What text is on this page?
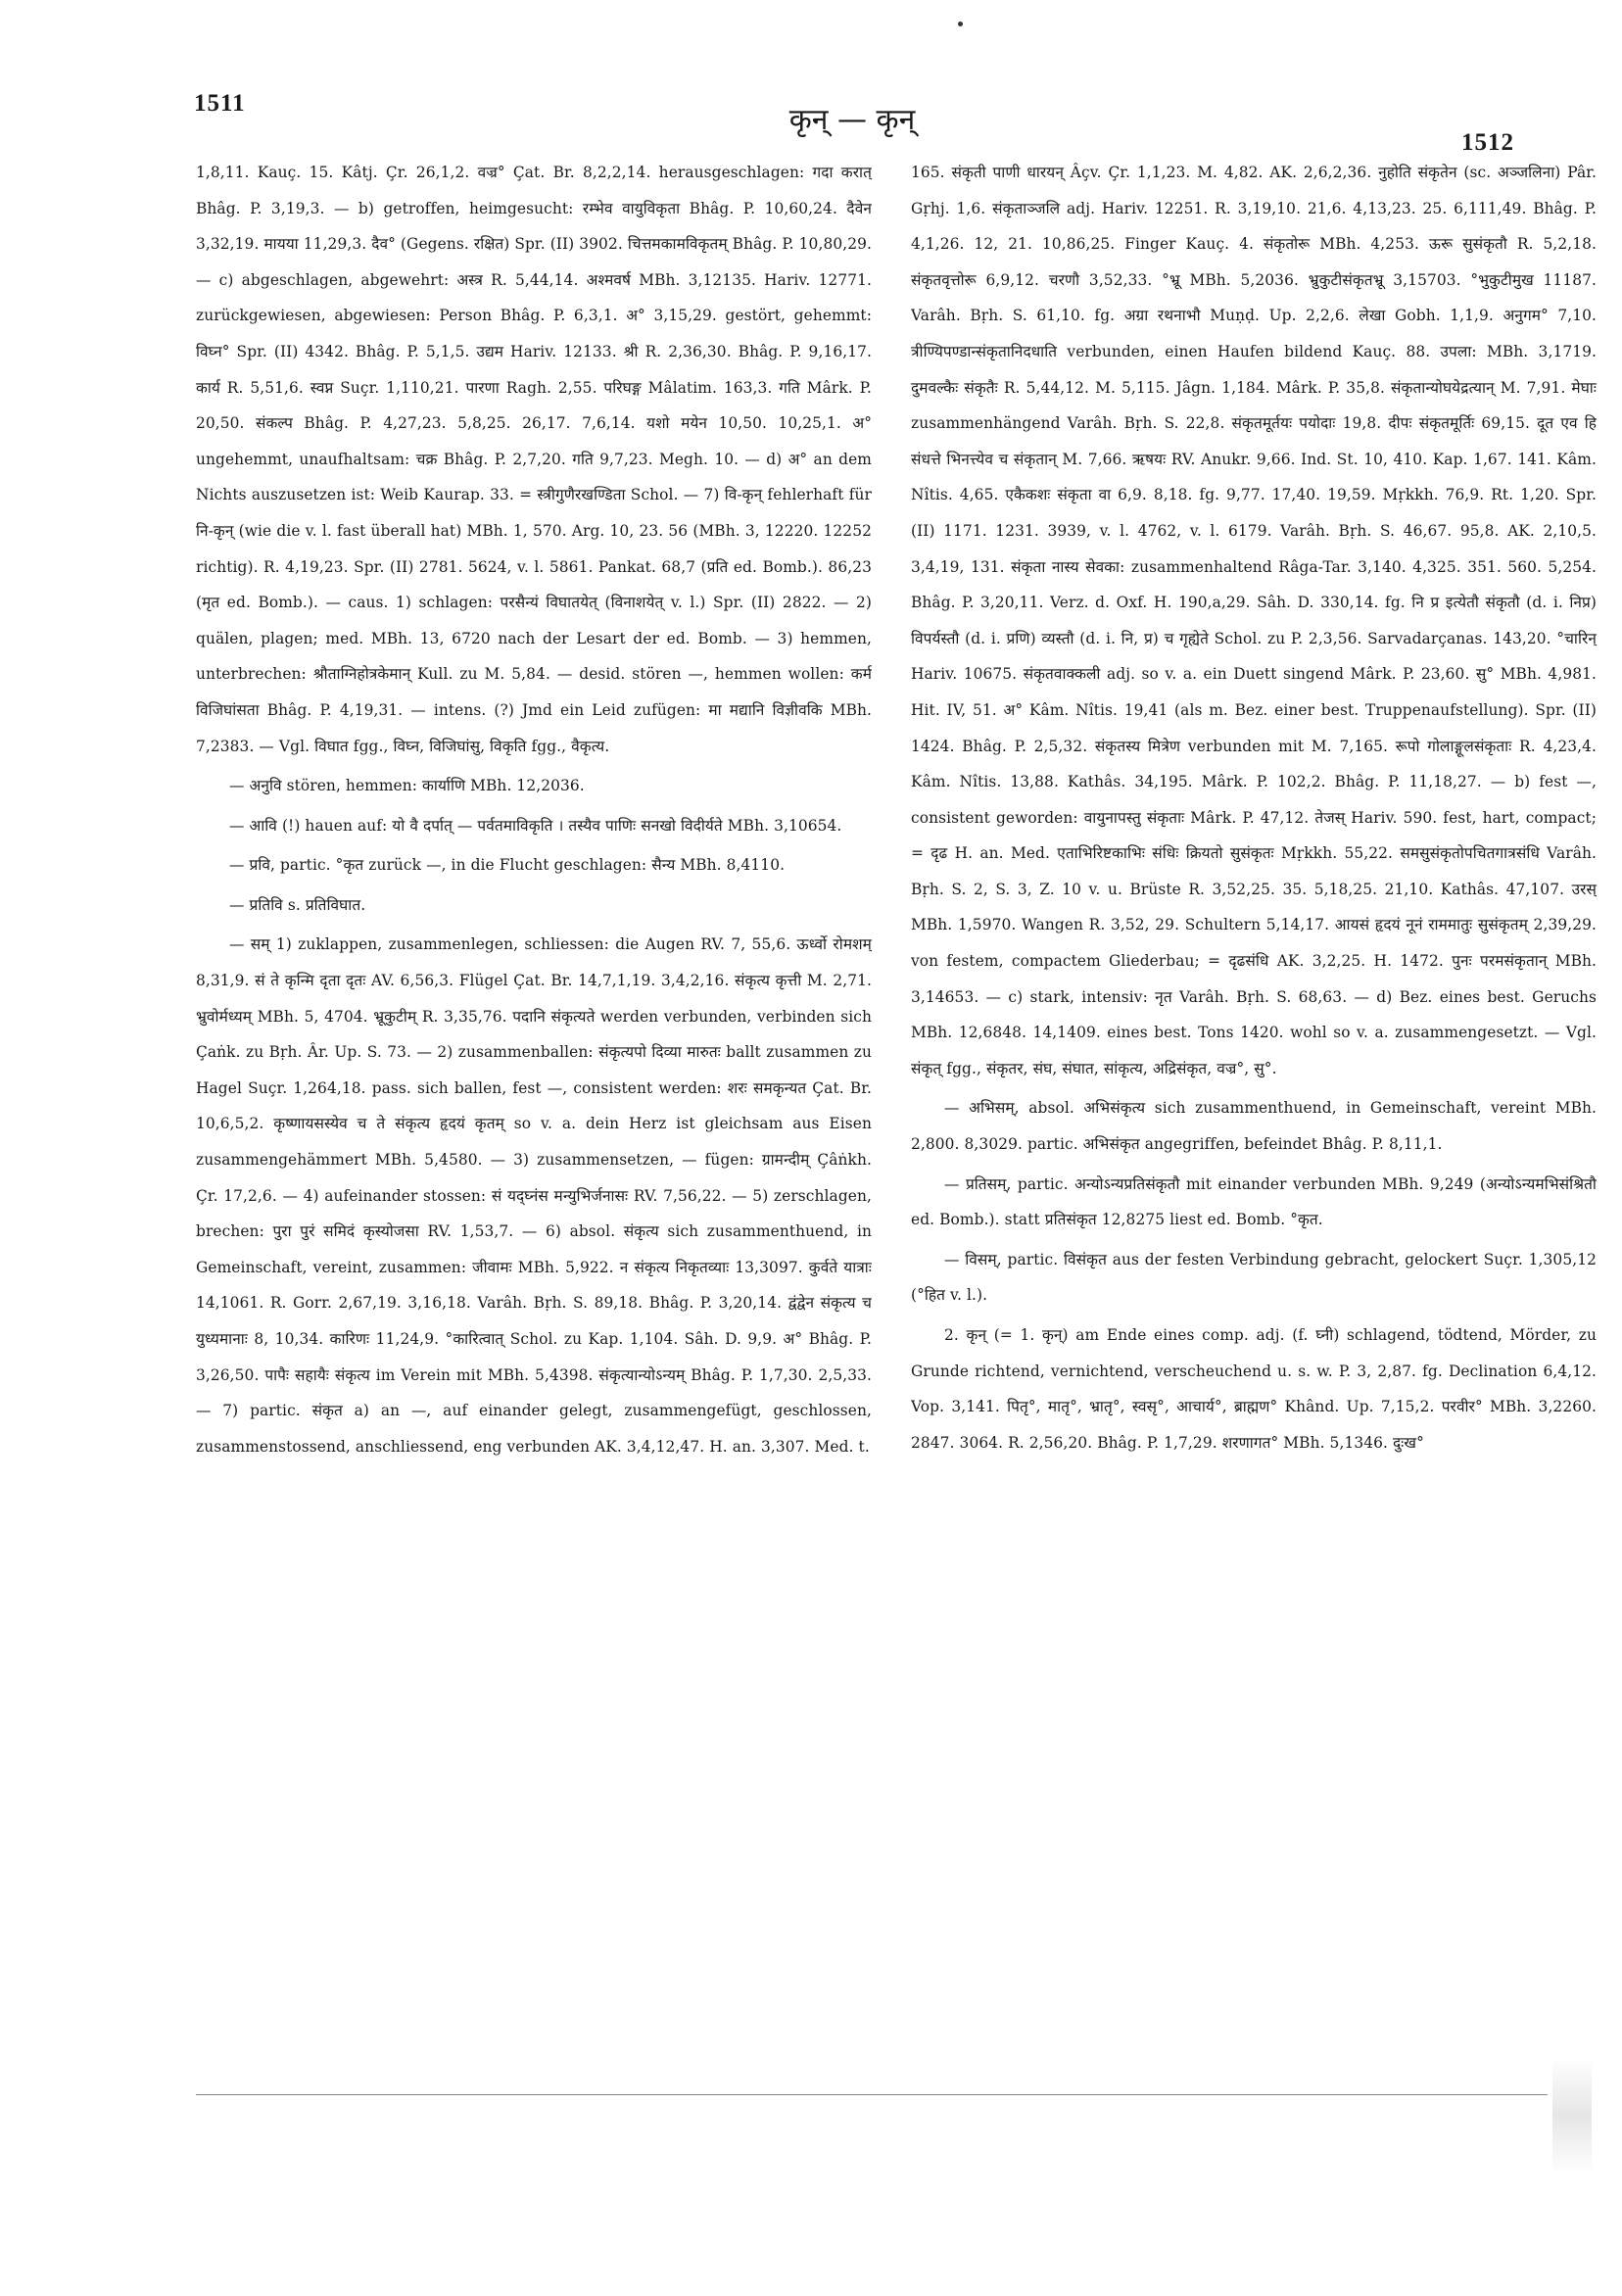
1511	कृन् — कृन्
1512

1,8,11. Kauç. 15. Kâtj. Çr. 26,1,2. वज्र° Çat. Br. 8,2,2,14. herausgeschlagen: गदा करात् Bhâg. P. 3,19,3. — b) getroffen, heimgesucht: रम्भेव वायुविकृता Bhâg. P. 10,60,24. दैवेन 3,32,19. मायया 11,29,3. दैव° (Gegens. रक्षित) Spr. (II) 3902. चित्तमकामविकृतम् Bhâg. P. 10,80,29. — c) abgeschlagen, abgewehrt: अस्त्र R. 5,44,14. अश्मवर्ष MBh. 3,12135. Hariv. 12771. zurückgewiesen, abgewiesen: Person Bhâg. P. 6,3,1. अ° 3,15,29. gestört, gehemmt: विघ्न° Spr. (II) 4342. Bhâg. P. 5,1,5. उद्यम Hariv. 12133. श्री R. 2,36,30. Bhâg. P. 9,16,17. कार्य R. 5,51,6. स्वप्न Suçr. 1,110,21. पारणा Ragh. 2,55. परिघङ्ग Mâlatim. 163,3. गति Mârk. P. 20,50. संकल्प Bhâg. P. 4,27,23. 5,8,25. 26,17. 7,6,14. यशो मयेन 10,50. 10,25,1. अ° ungehemmt, unaufhaltsam: चक्र Bhâg. P. 2,7,20. गति 9,7,23. Megh. 10. — d) अ° an dem Nichts auszusetzen ist: Weib Kaurap. 33. = स्त्रीगुणैरखण्डिता Schol. — 7) वि-कृन् fehlerhaft für नि-कृन् (wie die v. l. fast überall hat) MBh. 1, 570. Arg. 10, 23. 56 (MBh. 3, 12220. 12252 richtig). R. 4,19,23. Spr. (II) 2781. 5624, v. l. 5861. Pankat. 68,7 (प्रति ed. Bomb.). 86,23 (मृत ed. Bomb.). — caus. 1) schlagen: परसैन्यं विघातयेत् (विनाशयेत् v. l.) Spr. (II) 2822. — 2) quälen, plagen; med. MBh. 13, 6720 nach der Lesart der ed. Bomb. — 3) hemmen, unterbrechen: श्रौताग्निहोत्रकेमान् Kull. zu M. 5,84. — desid. stören —, hemmen wollen: कर्म विजिघांसता Bhâg. P. 4,19,31. — intens. (?) Jmd ein Leid zufügen: मा मद्यानि विज्ञीवकि MBh. 7,2383. — Vgl. विघात fgg., विघ्न, विजिघांसु, विकृति fgg., वैकृत्य.

— अनुवि stören, hemmen: कार्याणि MBh. 12,2036.

— आवि (!) hauen auf: यो वै दर्पात् — पर्वतमाविकृति । तस्यैव पाणिः सनखो विदीर्यते MBh. 3,10654.

— प्रवि, partic. °कृत zurück —, in die Flucht geschlagen: सैन्य MBh. 8,4110.

— प्रतिवि s. प्रतिविघात.

— सम् 1) zuklappen, zusammenlegen, schliessen: die Augen RV. 7, 55,6. ऊर्ध्वो रोमशम् 8,31,9. सं ते कृन्मि दृता दृतः AV. 6,56,3. Flügel Çat. Br. 14,7,1,19. 3,4,2,16. संकृत्य कृत्ती M. 2,71. भ्रुवोर्मध्यम् MBh. 5, 4704. भ्रूकुटीम् R. 3,35,76. पदानि संकृत्यते werden verbunden, verbinden sich Çaṅk. zu Bṛh. Âr. Up. S. 73. — 2) zusammenballen: संकृत्यपो दिव्या मारुतः ballt zusammen zu Hagel Suçr. 1,264,18. pass. sich ballen, fest —, consistent werden: शरः समकृन्यत Çat. Br. 10,6,5,2. कृष्णायसस्येव च ते संकृत्य हृदयं कृतम् so v. a. dein Herz ist gleichsam aus Eisen zusammengehämmert MBh. 5,4580. — 3) zusammensetzen, — fügen: ग्रामन्दीम् Çâṅkh. Çr. 17,2,6. — 4) aufeinander stossen: सं यद्घ्नंस मन्युभिर्जनासः RV. 7,56,22. — 5) zerschlagen, brechen: पुरा पुरं समिदं कृस्योजसा RV. 1,53,7. — 6) absol. संकृत्य sich zusammenthuend, in Gemeinschaft, vereint, zusammen: जीवामः MBh. 5,922. न संकृत्य निकृतव्याः 13,3097. कुर्वते यात्राः 14,1061. R. Gorr. 2,67,19. 3,16,18. Varâh. Bṛh. S. 89,18. Bhâg. P. 3,20,14. द्वंद्वेन संकृत्य च युध्यमानाः 8, 10,34. कारिणः 11,24,9. °कारित्वात् Schol. zu Kap. 1,104. Sâh. D. 9,9. अ° Bhâg. P. 3,26,50. पापैः सहायैः संकृत्य im Verein mit MBh. 5,4398. संकृत्यान्योऽन्यम् Bhâg. P. 1,7,30. 2,5,33. — 7) partic. संकृत a) an —, auf einander gelegt, zusammengefügt, geschlossen, zusammenstossend, anschliessend, eng verbunden AK. 3,4,12,47. H. an. 3,307. Med. t.

165. संकृती पाणी धारयन् Âçv. Çr. 1,1,23. M. 4,82. AK. 2,6,2,36. नुहोति संकृतेन (sc. अञ्जलिना) Pâr. Gṛhj. 1,6. संकृताञ्जलि adj. Hariv. 12251. R. 3,19,10. 21,6. 4,13,23. 25. 6,111,49. Bhâg. P. 4,1,26. 12, 21. 10,86,25. Finger Kauç. 4. संकृतोरू MBh. 4,253. ऊरू सुसंकृतौ R. 5,2,18. संकृतवृत्तोरू 6,9,12. चरणौ 3,52,33. °भ्रू MBh. 5,2036. भ्रुकुटीसंकृतभ्रू 3,15703. °भुकुटीमुख 11187. Varâh. Bṛh. S. 61,10. fg. अग्रा रथनाभौ Muṇḍ. Up. 2,2,6. लेखा Gobh. 1,1,9. अनुगम° 7,10. त्रीण्यिपण्डान्संकृतानिदधाति verbunden, einen Haufen bildend Kauç. 88. उपला: MBh. 3,1719. दुमवल्कैः संकृतैः R. 5,44,12. M. 5,115. Jâgn. 1,184. Mârk. P. 35,8. संकृतान्योघयेद्रत्यान् M. 7,91. मेघाः zusammenhängend Varâh. Bṛh. S. 22,8. संकृतमूर्तयः पयोदाः 19,8. दीपः संकृतमूर्तिः 69,15. दूत एव हि संधत्ते भिनत्त्येव च संकृतान् M. 7,66. ऋषयः RV. Anukr. 9,66. Ind. St. 10, 410. Kap. 1,67. 141. Kâm. Nîtis. 4,65. एकैकशः संकृता वा 6,9. 8,18. fg. 9,77. 17,40. 19,59. Mṛkkh. 76,9. Rt. 1,20. Spr. (II) 1171. 1231. 3939, v. l. 4762, v. l. 6179. Varâh. Bṛh. S. 46,67. 95,8. AK. 2,10,5. 3,4,19, 131. संकृता नास्य सेवका: zusammenhaltend Râga-Tar. 3,140. 4,325. 351. 560. 5,254. Bhâg. P. 3,20,11. Verz. d. Oxf. H. 190,a,29. Sâh. D. 330,14. fg. नि प्र इत्येतौ संकृतौ (d. i. निप्र) विपर्यस्तौ (d. i. प्रणि) व्यस्तौ (d. i. नि, प्र) च गृह्येते Schol. zu P. 2,3,56. Sarvadarçanas. 143,20. °चारिन् Hariv. 10675. संकृतवाक्कली adj. so v. a. ein Duett singend Mârk. P. 23,60. सु° MBh. 4,981. Hit. IV, 51. अ° Kâm. Nîtis. 19,41 (als m. Bez. einer best. Truppenaufstellung). Spr. (II) 1424. Bhâg. P. 2,5,32. संकृतस्य मित्रेण verbunden mit M. 7,165. रूपो गोलाङ्गूलसंकृताः R. 4,23,4. Kâm. Nîtis. 13,88. Kathâs. 34,195. Mârk. P. 102,2. Bhâg. P. 11,18,27. — b) fest —, consistent geworden: वायुनापस्तु संकृताः Mârk. P. 47,12. तेजस् Hariv. 590. fest, hart, compact; = दृढ H. an. Med. एताभिरिष्टकाभिः संधिः क्रियतो सुसंकृतः Mṛkkh. 55,22. समसुसंकृतोपचितगात्रसंधि Varâh. Bṛh. S. 2, S. 3, Z. 10 v. u. Brüste R. 3,52,25. 35. 5,18,25. 21,10. Kathâs. 47,107. उरस् MBh. 1,5970. Wangen R. 3,52, 29. Schultern 5,14,17. आयसं हृदयं नूनं राममातुः सुसंकृतम् 2,39,29. von festem, compactem Gliederbau; = दृढसंधि AK. 3,2,25. H. 1472. पुनः परमसंकृतान् MBh. 3,14653. — c) stark, intensiv: नृत Varâh. Bṛh. S. 68,63. — d) Bez. eines best. Geruchs MBh. 12,6848. 14,1409. eines best. Tons 1420. wohl so v. a. zusammengesetzt. — Vgl. संकृत् fgg., संकृतर, संघ, संघात, सांकृत्य, अद्रिसंकृत, वज्र°, सु°.

— अभिसम्, absol. अभिसंकृत्य sich zusammenthuend, in Gemeinschaft, vereint MBh. 2,800. 8,3029. partic. अभिसंकृत angegriffen, befeindet Bhâg. P. 8,11,1.

— प्रतिसम्, partic. अन्योऽन्यप्रतिसंकृतौ mit einander verbunden MBh. 9,249 (अन्योऽन्यमभिसंश्रितौ ed. Bomb.). statt प्रतिसंकृत 12,8275 liest ed. Bomb. °कृत.

— विसम्, partic. विसंकृत aus der festen Verbindung gebracht, gelockert Suçr. 1,305,12 (°हित v. l.).

2. कृन् (= 1. कृन्) am Ende eines comp. adj. (f. घ्नी) schlagend, tödtend, Mörder, zu Grunde richtend, vernichtend, verscheuchend u. s. w. P. 3, 2,87. fg. Declination 6,4,12. Vop. 3,141. पितृ°, मातृ°, भ्रातृ°, स्वसृ°, आचार्य°, ब्राह्मण° Khând. Up. 7,15,2. परवीर° MBh. 3,2260. 2847. 3064. R. 2,56,20. Bhâg. P. 1,7,29. शरणागत° MBh. 5,1346. दुःख°
